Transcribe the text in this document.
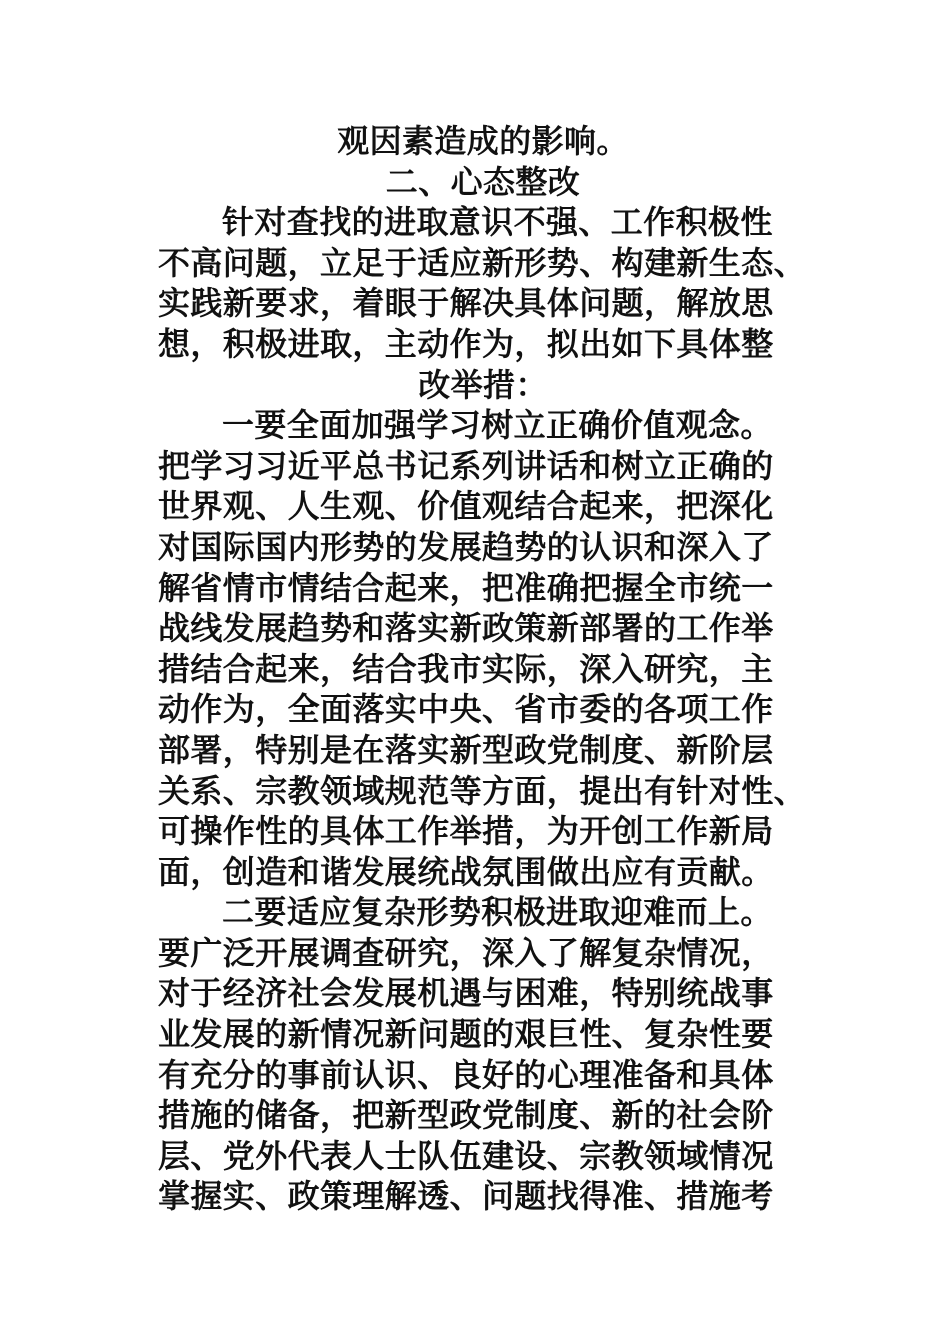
观因素造成的影响。
二、心态整改
针对查找的进取意识不强、工作积极性
不高问题，立足于适应新形势、构建新生态、
实践新要求，着眼于解决具体问题，解放思
想，积极进取，主动作为，拟出如下具体整
改举措：
一要全面加强学习树立正确价值观念。
把学习习近平总书记系列讲话和树立正确的
世界观、人生观、价值观结合起来，把深化
对国际国内形势的发展趋势的认识和深入了
解省情市情结合起来，把准确把握全市统一
战线发展趋势和落实新政策新部署的工作举
措结合起来，结合我市实际，深入研究，主
动作为，全面落实中央、省市委的各项工作
部署，特别是在落实新型政党制度、新阶层
关系、宗教领域规范等方面，提出有针对性、
可操作性的具体工作举措，为开创工作新局
面，创造和谐发展统战氛围做出应有贡献。
二要适应复杂形势积极进取迎难而上。
要广泛开展调查研究，深入了解复杂情况，
对于经济社会发展机遇与困难，特别统战事
业发展的新情况新问题的艰巨性、复杂性要
有充分的事前认识、良好的心理准备和具体
措施的储备，把新型政党制度、新的社会阶
层、党外代表人士队伍建设、宗教领域情况
掌握实、政策理解透、问题找得准、措施考
